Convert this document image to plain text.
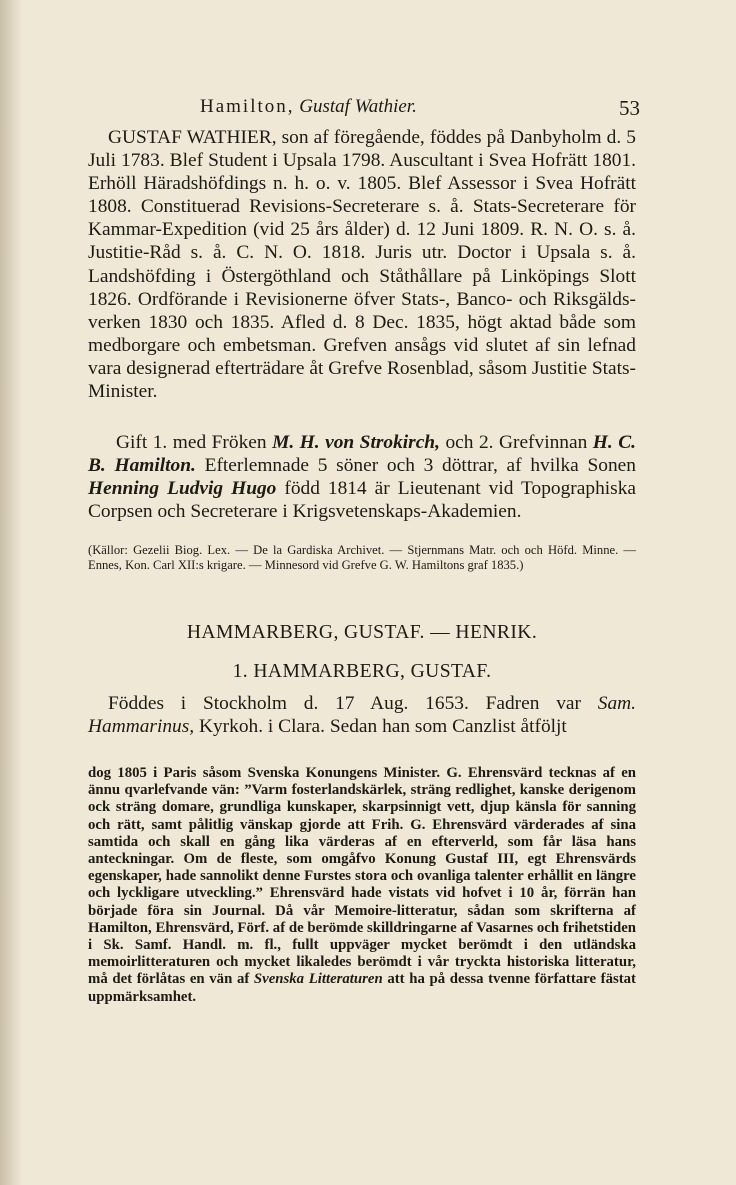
Hamilton, Gustaf Wathier.	53
GUSTAF WATHIER, son af föregående, föddes på Danbyholm d. 5 Juli 1783. Blef Student i Upsala 1798. Auscultant i Svea Hofrätt 1801. Erhöll Häradshöfdings n. h. o. v. 1805. Blef Assessor i Svea Hofrätt 1808. Constituerad Revisions-Secreterare s. å. Stats-Secreterare för Kammar-Expedition (vid 25 års ålder) d. 12 Juni 1809. R. N. O. s. å. Justitie-Råd s. å. C. N. O. 1818. Juris utr. Doctor i Upsala s. å. Landshöfding i Östergöthland och Ståthållare på Linköpings Slott 1826. Ordförande i Revisionerne öfver Stats-, Banco- och Riksgälds-verken 1830 och 1835. Afled d. 8 Dec. 1835, högt aktad både som medborgare och embetsman. Grefven ansågs vid slutet af sin lefnad vara designerad efterträdare åt Grefve Rosenblad, såsom Justitie Stats-Minister.
Gift 1. med Fröken M. H. von Strokirch, och 2. Grefvinnan H. C. B. Hamilton. Efterlemnade 5 söner och 3 döttrar, af hvilka Sonen Henning Ludvig Hugo född 1814 är Lieutenant vid Topographiska Corpsen och Secreterare i Krigsvetenskaps-Akademien.
(Källor: Gezelii Biog. Lex. — De la Gardiska Archivet. — Stjernmans Matr. och och Höfd. Minne. — Ennes, Kon. Carl XII:s krigare. — Minnesord vid Grefve G. W. Hamiltons graf 1835.)
HAMMARBERG, GUSTAF. — HENRIK.
1. HAMMARBERG, GUSTAF.
Föddes i Stockholm d. 17 Aug. 1653. Fadren var Sam. Hammarinus, Kyrkoh. i Clara. Sedan han som Canzlist åtföljt
dog 1805 i Paris såsom Svenska Konungens Minister. G. Ehrensvärd tecknas af en ännu qvarlefvande vän: ”Varm fosterlandskärlek, sträng redlighet, kanske derigenom ock sträng domare, grundliga kunskaper, skarpsinnigt vett, djup känsla för sanning och rätt, samt pålitlig vänskap gjorde att Frih. G. Ehrensvärd värderades af sina samtida och skall en gång lika värderas af en efterverld, som får läsa hans anteckningar. Om de fleste, som omgåfvo Konung Gustaf III, egt Ehrensvärds egenskaper, hade sannolikt denne Furstes stora och ovanliga talenter erhållit en längre och lyckligare utveckling.” Ehrensvärd hade vistats vid hofvet i 10 år, förrän han började föra sin Journal. Då vår Memoire-litteratur, sådan som skrifterna af Hamilton, Ehrensvärd, Förf. af de berömde skilldringarne af Vasarnes och frihetstiden i Sk. Samf. Handl. m. fl., fullt uppväger mycket berömdt i den utländska memoirlitteraturen och mycket likaledes berömdt i vår tryckta historiska litteratur, må det förlåtas en vän af Svenska Litteraturen att ha på dessa tvenne författare fästat uppmärksamhet.
